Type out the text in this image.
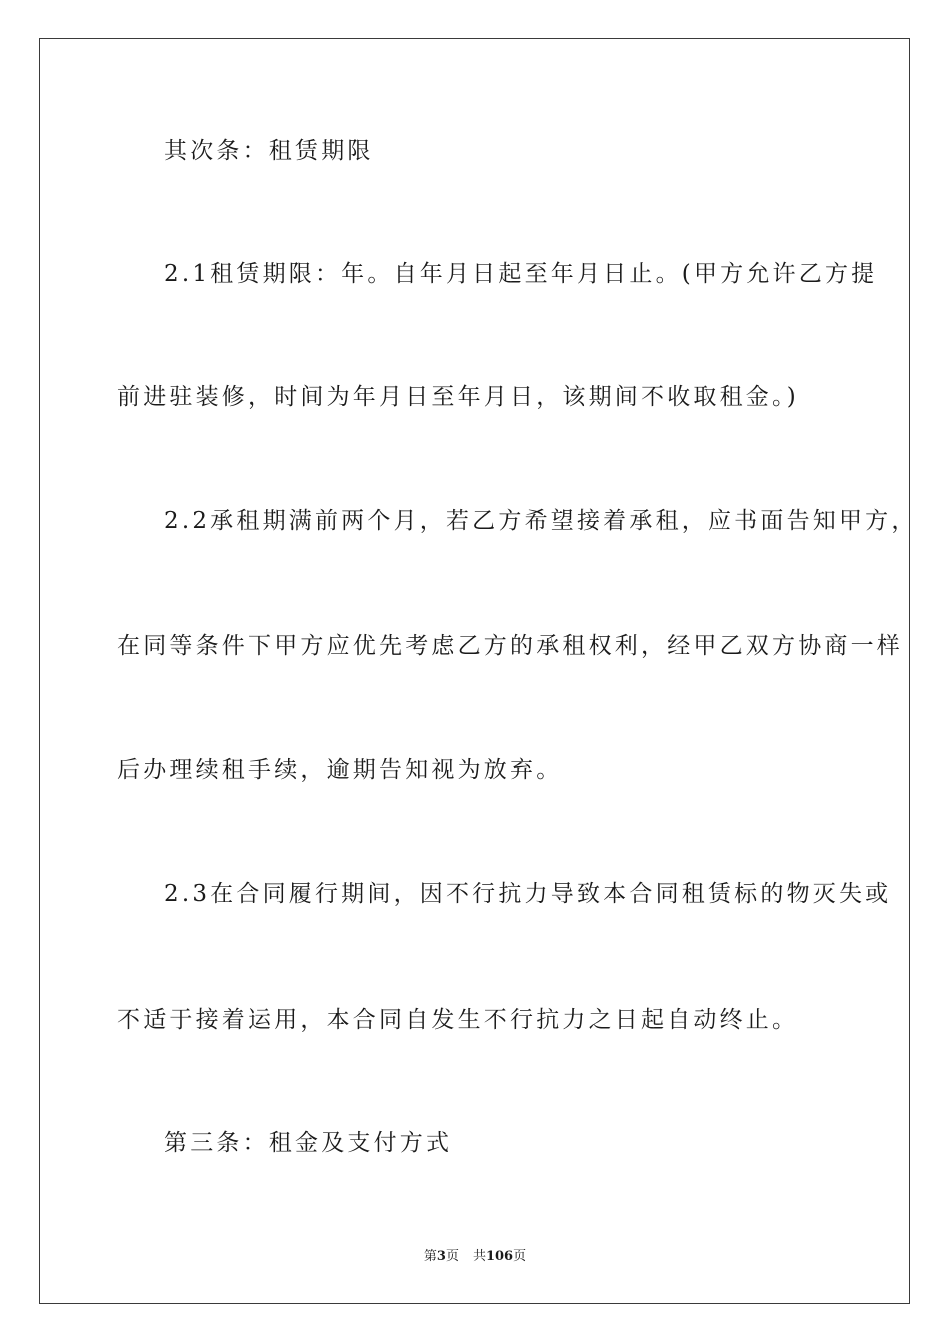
其次条：租赁期限
2.1租赁期限：年。自年月日起至年月日止。(甲方允许乙方提
前进驻装修，时间为年月日至年月日，该期间不收取租金。)
2.2承租期满前两个月，若乙方希望接着承租，应书面告知甲方，
在同等条件下甲方应优先考虑乙方的承租权利，经甲乙双方协商一样
后办理续租手续，逾期告知视为放弃。
2.3在合同履行期间，因不行抗力导致本合同租赁标的物灭失或
不适于接着运用，本合同自发生不行抗力之日起自动终止。
第三条：租金及支付方式
第3页 共106页
